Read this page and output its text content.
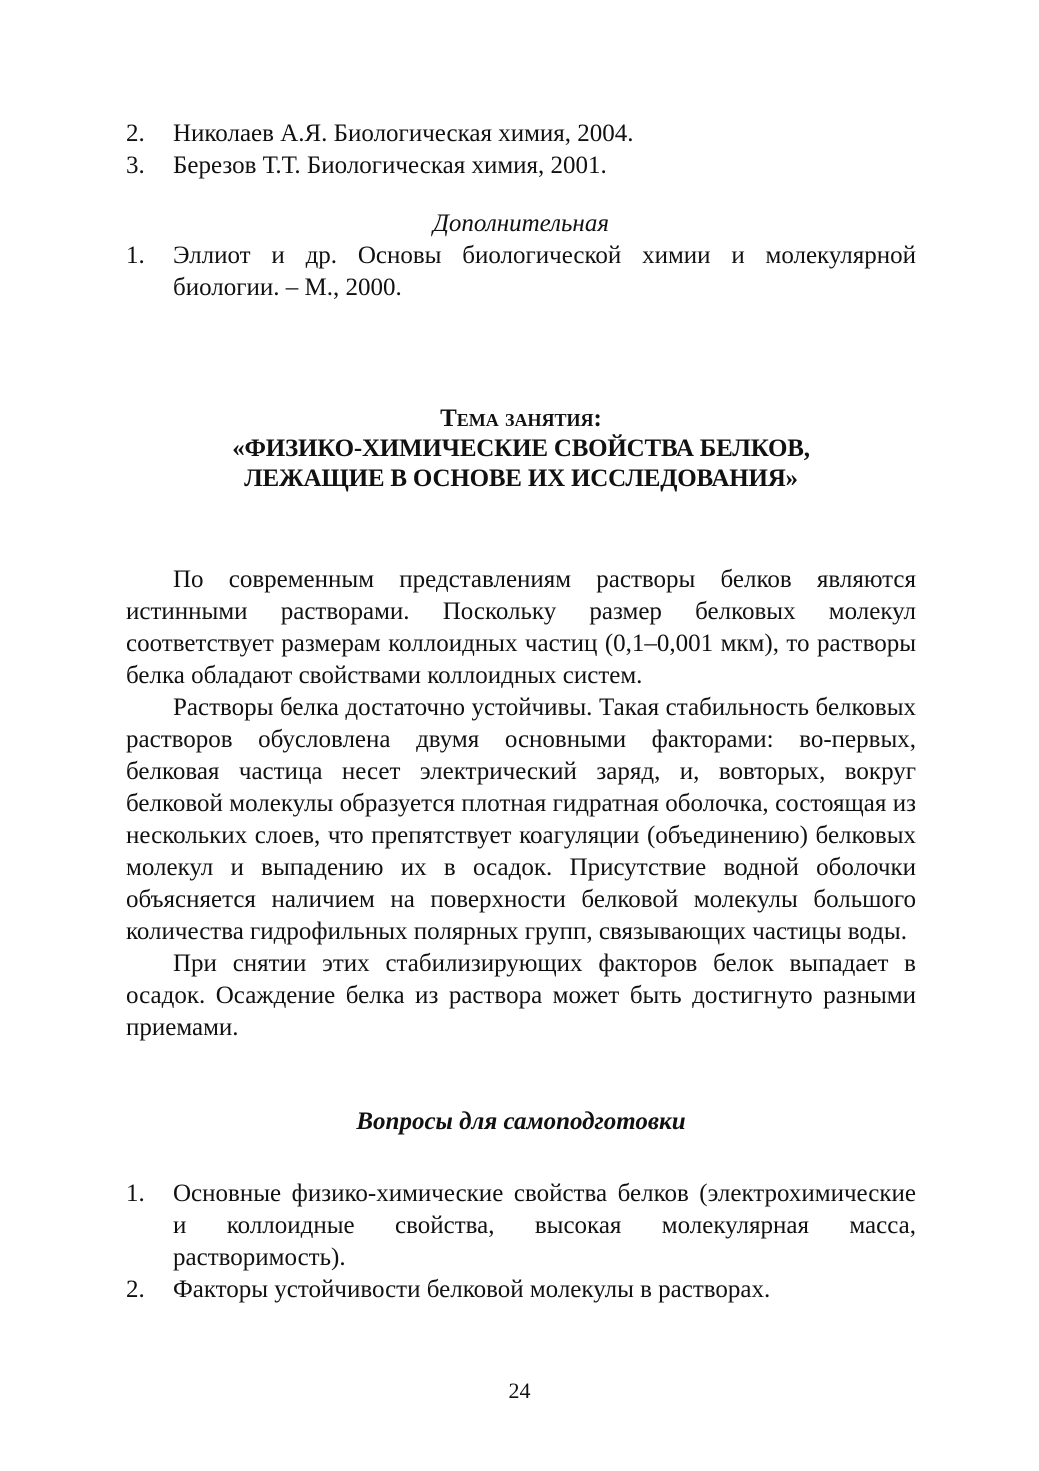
2.	Николаев А.Я. Биологическая химия, 2004.
3.	Березов Т.Т. Биологическая химия, 2001.
Дополнительная
1.	Эллиот и др. Основы биологической химии и молекулярной биологии. – М., 2000.
Тема занятия:
«ФИЗИКО-ХИМИЧЕСКИЕ СВОЙСТВА БЕЛКОВ,
ЛЕЖАЩИЕ В ОСНОВЕ ИХ ИССЛЕДОВАНИЯ»

По современным представлениям растворы белков являются истинными растворами. Поскольку размер белковых молекул соответствует размерам коллоидных частиц (0,1–0,001 мкм), то растворы белка обладают свойствами коллоидных систем.

Растворы белка достаточно устойчивы. Такая стабильность белковых растворов обусловлена двумя основными факторами: во-первых, белковая частица несет электрический заряд, и, вовторых, вокруг белковой молекулы образуется плотная гидратная оболочка, состоящая из нескольких слоев, что препятствует коагуляции (объединению) белковых молекул и выпадению их в осадок. Присутствие водной оболочки объясняется наличием на поверхности белковой молекулы большого количества гидрофильных полярных групп, связывающих частицы воды.

При снятии этих стабилизирующих факторов белок выпадает в осадок. Осаждение белка из раствора может быть достигнуто разными приемами.

Вопросы для самоподготовки
1.	Основные физико-химические свойства белков (электрохимические и коллоидные свойства, высокая молекулярная масса, растворимость).
2.	Факторы устойчивости белковой молекулы в растворах.
24
